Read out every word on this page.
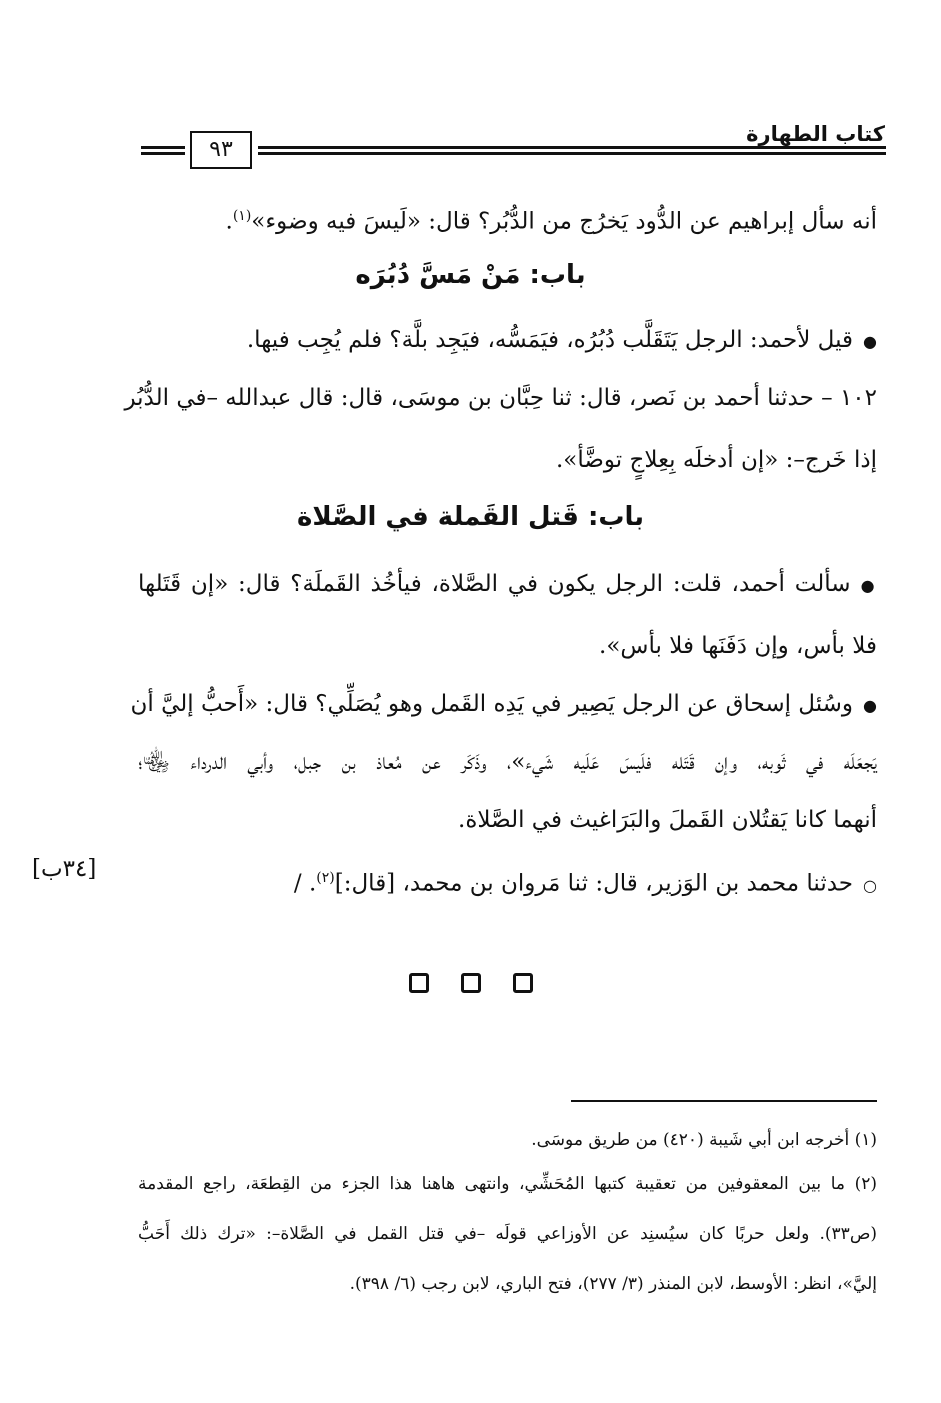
كتاب الطهارة
٩٣
أنه سأل إبراهيم عن الدُّود يَخرُج من الدُّبُر؟ قال: «لَيسَ فيه وضوء»$^{(١)}$.
باب: مَنْ مَسَّ دُبُرَه
●قيل لأحمد: الرجل يَتَقَلَّب دُبُرُه، فيَمَسُّه، فيَجِد بلَّة؟ فلم يُجِب فيها.
١٠٢ – حدثنا أحمد بن نَصر، قال: ثنا حِبَّان بن موسَى، قال: قال عبدالله –في الدُّبُر
إذا خَرج–: «إن أدخلَه بِعِلاجٍ توضَّأ».
باب: قَتل القَملة في الصَّلاة
●سألت أحمد، قلت: الرجل يكون في الصَّلاة، فيأخُذ القَملَة؟ قال: «إن قَتَلها
فلا بأس، وإن دَفَنَها فلا بأس».
●وسُئل إسحاق عن الرجل يَصِير في يَدِه القَمل وهو يُصَلِّي؟ قال: «أَحبُّ إليَّ أن
يَجعَلَه في ثَوبه، وإن قَتَله فلَيسَ عَلَيه شَيء»، وذَكَر عن مُعاذ بن جبل، وأبي الدرداء ﵄؛
أنهما كانا يَقتُلان القَملَ والبَرَاغيث في الصَّلاة.
○حدثنا محمد بن الوَزير، قال: ثنا مَروان بن محمد، [قال:]$^{(٢)}$. /
[٣٤ب]
(١) أخرجه ابن أبي شَيبة (٤٢٠) من طريق موسَى.
(٢) ما بين المعقوفين من تعقيبة كتبها المُحَشِّي، وانتهى هاهنا هذا الجزء من القِطعَة، راجع المقدمة
(ص٣٣). ولعل حربًا كان سيُسنِد عن الأوزاعي قولَه –في قتل القمل في الصَّلاة–: «ترك ذلك أَحَبُّ
إليَّ»، انظر: الأوسط، لابن المنذر (٣/ ٢٧٧)، فتح الباري، لابن رجب (٦/ ٣٩٨).
